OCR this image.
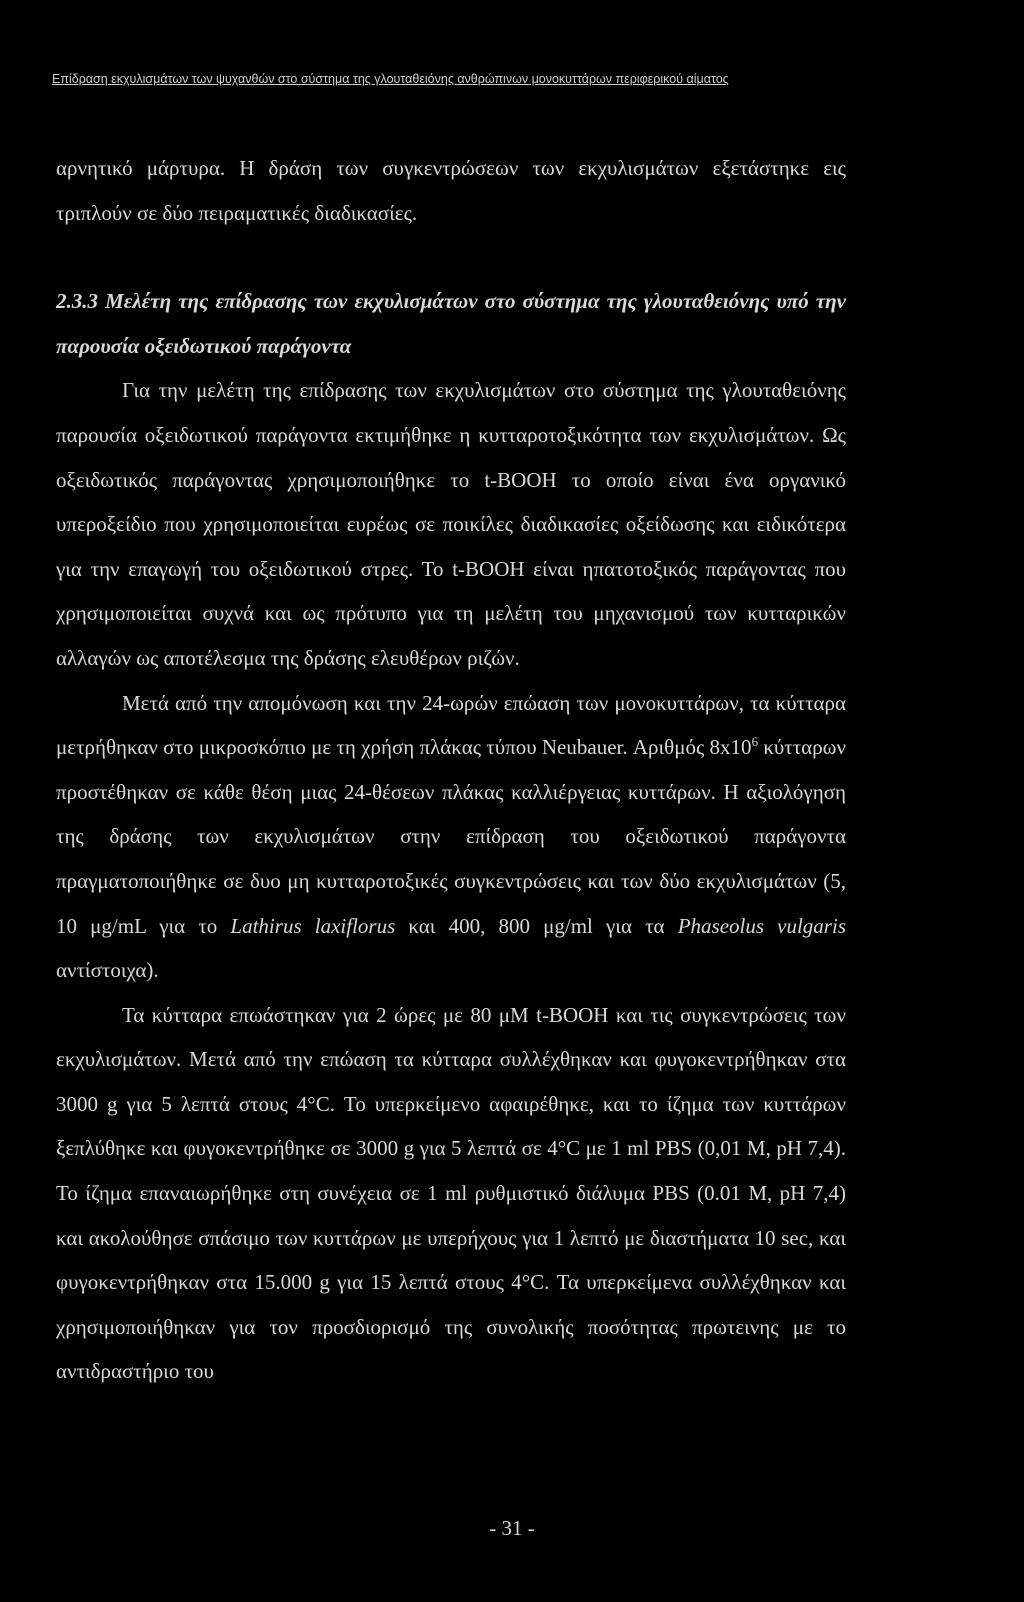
Επίδραση εκχυλισμάτων των ψυχανθών στο σύστημα της γλουταθειόνης ανθρώπινων μονοκυττάρων περιφερικού αίματος

αρνητικό μάρτυρα. Η δράση των συγκεντρώσεων των εκχυλισμάτων εξετάστηκε εις τριπλούν σε δύο πειραματικές διαδικασίες.

2.3.3 Μελέτη της επίδρασης των εκχυλισμάτων στο σύστημα της γλουταθειόνης υπό την παρουσία οξειδωτικού παράγοντα

Για την μελέτη της επίδρασης των εκχυλισμάτων στο σύστημα της γλουταθειόνης παρουσία οξειδωτικού παράγοντα εκτιμήθηκε η κυτταροτοξικότητα των εκχυλισμάτων. Ως οξειδωτικός παράγοντας χρησιμοποιήθηκε το t-BOOH το οποίο είναι ένα οργανικό υπεροξείδιο που χρησιμοποιείται ευρέως σε ποικίλες διαδικασίες οξείδωσης και ειδικότερα για την επαγωγή του οξειδωτικού στρες. Το t-BOOH είναι ηπατοτοξικός παράγοντας που χρησιμοποιείται συχνά και ως πρότυπο για τη μελέτη του μηχανισμού των κυτταρικών αλλαγών ως αποτέλεσμα της δράσης ελευθέρων ριζών.

Μετά από την απομόνωση και την 24-ωρών επώαση των μονοκυττάρων, τα κύτταρα μετρήθηκαν στο μικροσκόπιο με τη χρήση πλάκας τύπου Neubauer. Αριθμός $8x10^6$ κύτταρων προστέθηκαν σε κάθε θέση μιας 24-θέσεων πλάκας καλλιέργειας κυττάρων. Η αξιολόγηση της δράσης των εκχυλισμάτων στην επίδραση του οξειδωτικού παράγοντα πραγματοποιήθηκε σε δυο μη κυτταροτοξικές συγκεντρώσεις και των δύο εκχυλισμάτων (5, 10 μg/mL για το Lathirus laxiflorus και 400, 800 μg/ml για τα Phaseolus vulgaris αντίστοιχα).

Τα κύτταρα επωάστηκαν για 2 ώρες με 80 μM t-BOOH και τις συγκεντρώσεις των εκχυλισμάτων. Μετά από την επώαση τα κύτταρα συλλέχθηκαν και φυγοκεντρήθηκαν στα 3000 g για 5 λεπτά στους 4°C. Το υπερκείμενο αφαιρέθηκε, και το ίζημα των κυττάρων ξεπλύθηκε και φυγοκεντρήθηκε σε 3000 g για 5 λεπτά σε 4°C με 1 ml PBS (0,01 M, pH 7,4). Το ίζημα επαναιωρήθηκε στη συνέχεια σε 1 ml ρυθμιστικό διάλυμα PBS (0.01 M, pH 7,4) και ακολούθησε σπάσιμο των κυττάρων με υπερήχους για 1 λεπτό με διαστήματα 10 sec, και φυγοκεντρήθηκαν στα 15.000 g για 15 λεπτά στους 4°C. Τα υπερκείμενα συλλέχθηκαν και χρησιμοποιήθηκαν για τον προσδιορισμό της συνολικής ποσότητας πρωτεινης με το αντιδραστήριο του

- 31 -
